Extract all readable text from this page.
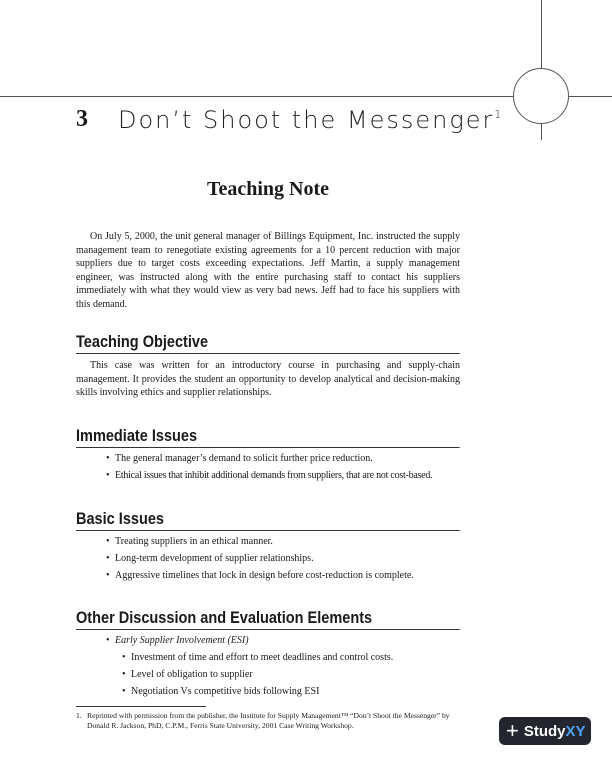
3 Don’t Shoot the Messenger$^1$
Teaching Note
On July 5, 2000, the unit general manager of Billings Equipment, Inc. instructed the supply management team to renegotiate existing agreements for a 10 percent reduction with major suppliers due to target costs exceeding expectations. Jeff Martin, a supply management engineer, was instructed along with the entire purchasing staff to contact his suppliers immediately with what they would view as very bad news. Jeff had to face his suppliers with this demand.
Teaching Objective
This case was written for an introductory course in purchasing and supply-chain management. It provides the student an opportunity to develop analytical and decision-making skills involving ethics and supplier relationships.
Immediate Issues
• The general manager’s demand to solicit further price reduction.
• Ethical issues that inhibit additional demands from suppliers, that are not cost-based.
Basic Issues
• Treating suppliers in an ethical manner.
• Long-term development of supplier relationships.
• Aggressive timelines that lock in design before cost-reduction is complete.
Other Discussion and Evaluation Elements
• Early Supplier Involvement (ESI)
• Investment of time and effort to meet deadlines and control costs.
• Level of obligation to supplier
• Negotiation Vs competitive bids following ESI
1. Reprinted with permission from the publisher, the Institute for Supply Management™ “Don’t Shoot the Messenger” by Donald R. Jackson, PhD, C.P.M., Ferris State University, 2001 Case Writing Workshop.	+ Study XY
